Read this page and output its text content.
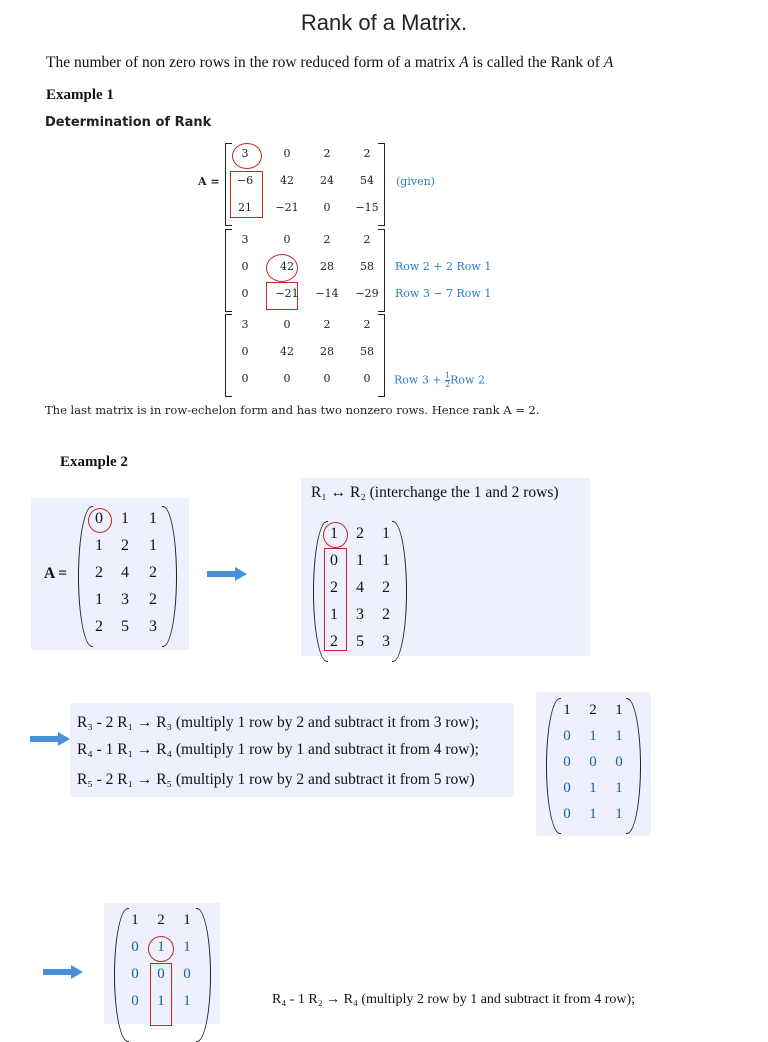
Rank of a Matrix.
The number of non zero rows in the row reduced form of a matrix A is called the Rank of A
Example 1
Determination of Rank
3	0	2	2
−6	42	24	54
21	−21	0	−15
3	0	2	2
0	42	28	58
0	−21	−14	−29
3	0	2	2
0	42	28	58
0	0	0	0
A =	(given)
Row 2 + 2 Row 1
Row 3 − 7 Row 1
Row $3 + \frac{1}{2}$ Row 2
The last matrix is in row-echelon form and has two nonzero rows. Hence rank A = 2.
Example 2
A =
R₁ ↔ R₂ (interchange the 1 and 2 rows)
R₃ - 2 R₁ → R₃ (multiply 1 row by 2 and subtract it from 3 row);
R₄ - 1 R₁ → R₄ (multiply 1 row by 1 and subtract it from 4 row);
R₅ - 2 R₁ → R₅ (multiply 1 row by 2 and subtract it from 5 row)
R₄ - 1 R₂ → R₄ (multiply 2 row by 1 and subtract it from 4 row);
0	1	1
1	2	1
2	4	2
1	3	2
2	5	3
1	2	1
0	1	1
2	4	2
1	3	2
2	5	3
1	2	1
0	1	1
0	0	0
0	1	1
0	1	1
1	2	1
0	1	1
0	0	0
0	1	1
